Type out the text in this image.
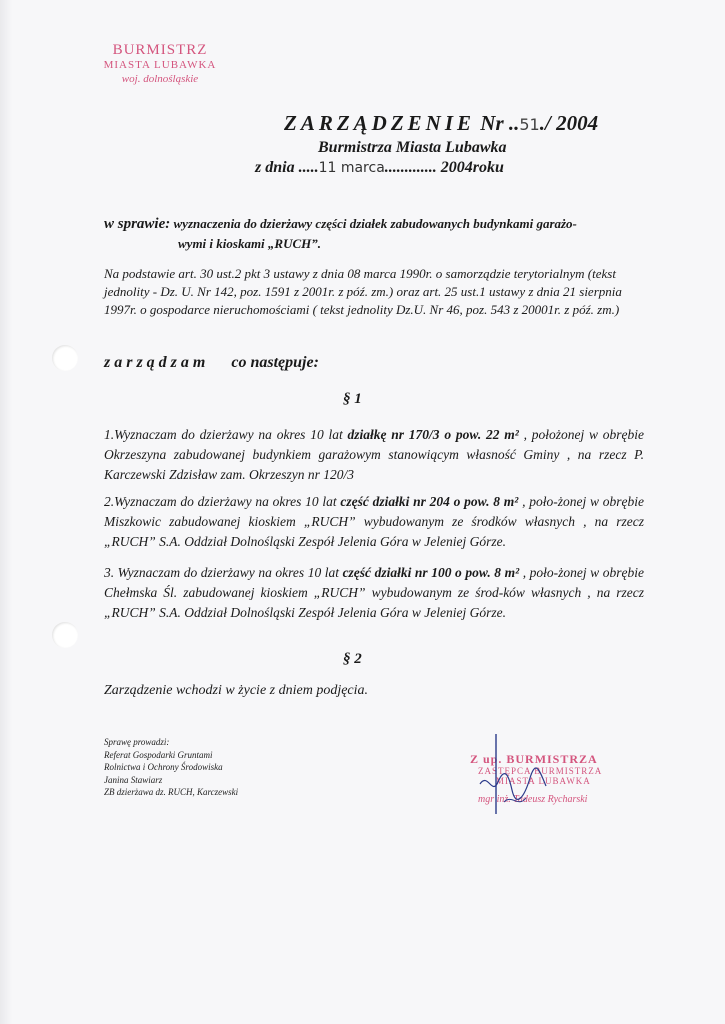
BURMISTRZ
MIASTA LUBAWKA
woj. dolnośląskie
ZARZĄDZENIE Nr ..51./ 2004
Burmistrza Miasta Lubawka
z dnia .....11 marca............. 2004roku
w sprawie: wyznaczenia do dzierżawy części działek zabudowanych budynkami garażo-
wymi i kioskami „RUCH”.
Na podstawie art. 30 ust.2 pkt 3 ustawy z dnia 08 marca 1990r. o samorządzie terytorialnym (tekst jednolity - Dz. U. Nr 142, poz. 1591 z 2001r. z póź. zm.) oraz art. 25 ust.1 ustawy z dnia 21 sierpnia 1997r. o gospodarce nieruchomościami ( tekst jednolity Dz.U. Nr 46, poz. 543 z 20001r. z póź. zm.)
zarządzam co następuje:
§ 1
1.Wyznaczam do dzierżawy na okres 10 lat działkę nr 170/3 o pow. 22 m² , położonej w obrębie Okrzeszyna zabudowanej budynkiem garażowym stanowiącym własność Gminy , na rzecz P. Karczewski Zdzisław zam. Okrzeszyn nr 120/3
2.Wyznaczam do dzierżawy na okres 10 lat część działki nr 204 o pow. 8 m² , poło-żonej w obrębie Miszkowic zabudowanej kioskiem „RUCH” wybudowanym ze środków własnych , na rzecz „RUCH” S.A. Oddział Dolnośląski Zespół Jelenia Góra w Jeleniej Górze.
3. Wyznaczam do dzierżawy na okres 10 lat część działki nr 100 o pow. 8 m² , poło-żonej w obrębie Chełmska Śl. zabudowanej kioskiem „RUCH” wybudowanym ze środ-ków własnych , na rzecz „RUCH” S.A. Oddział Dolnośląski Zespół Jelenia Góra w Jeleniej Górze.
§ 2
Zarządzenie wchodzi w życie z dniem podjęcia.
Sprawę prowadzi:
Referat Gospodarki Gruntami
Rolnictwa i Ochrony Środowiska
Janina Stawiarz
ZB dzierżawa dz. RUCH, Karczewski
Z up. BURMISTRZA
ZASTĘPCA BURMISTRZA
MIASTA LUBAWKA
mgr inż. Tadeusz Rycharski
